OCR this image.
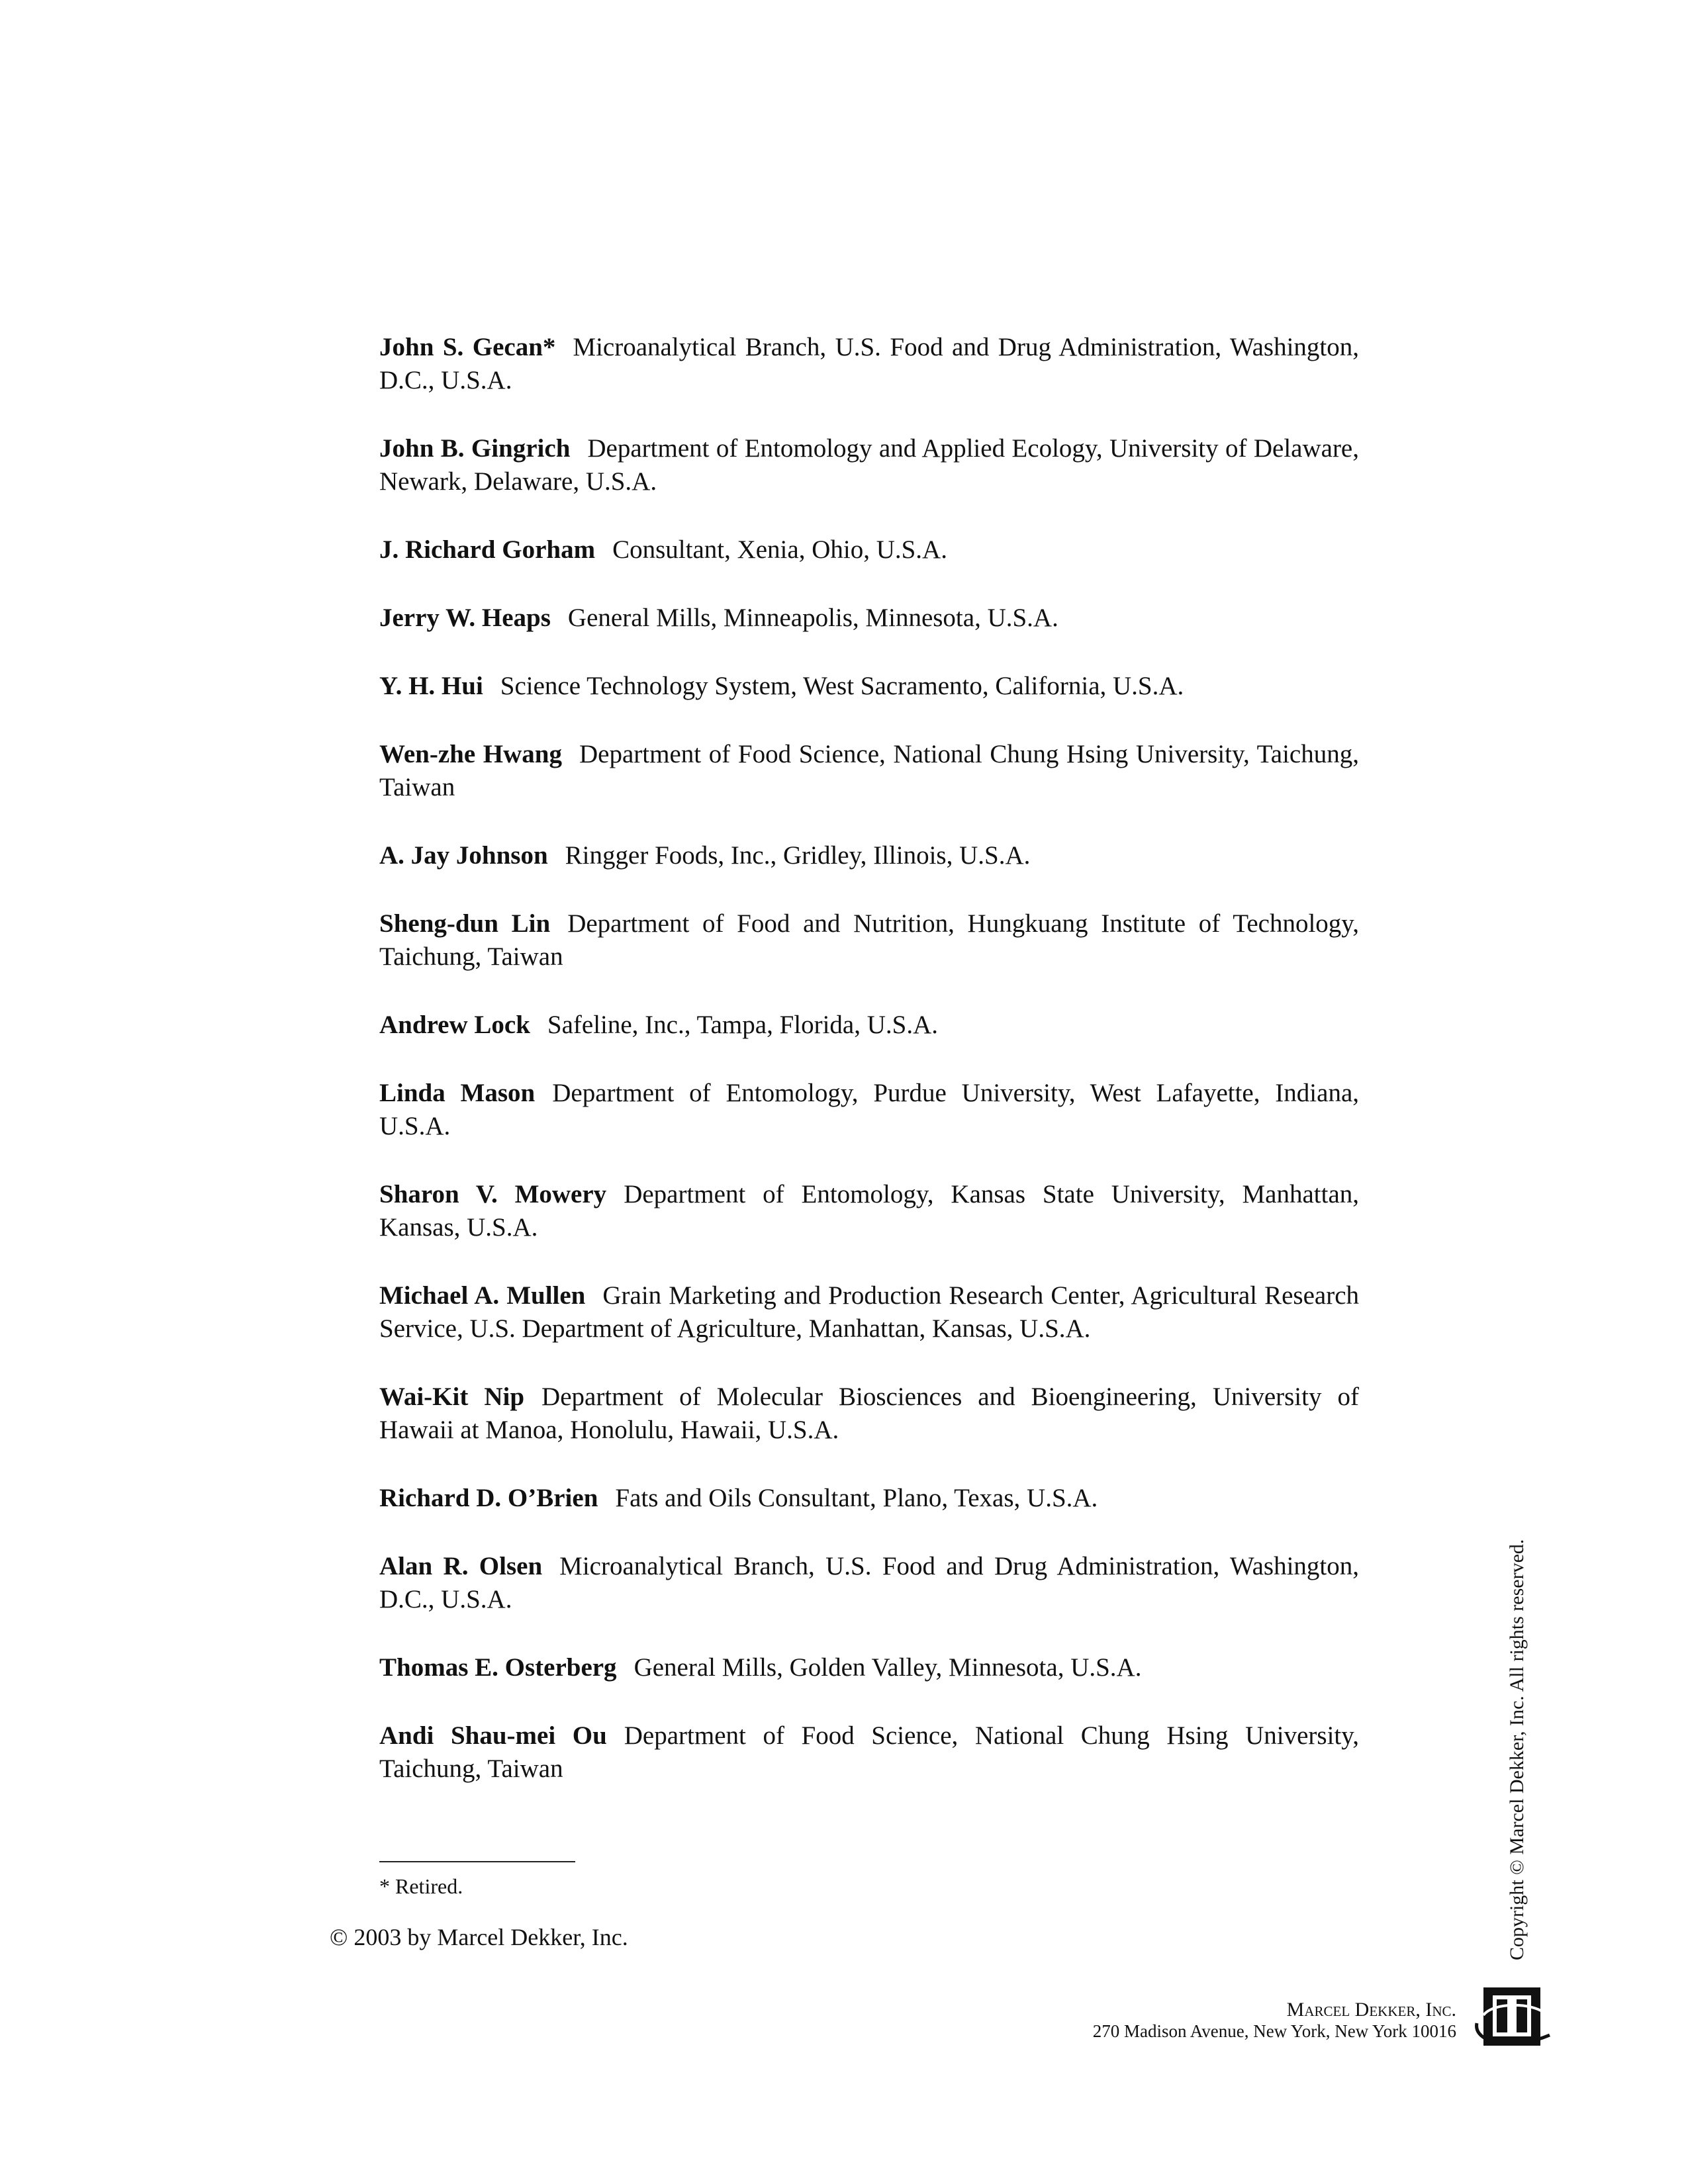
John S. Gecan* Microanalytical Branch, U.S. Food and Drug Administration, Washington, D.C., U.S.A.

John B. Gingrich Department of Entomology and Applied Ecology, University of Delaware, Newark, Delaware, U.S.A.

J. Richard Gorham Consultant, Xenia, Ohio, U.S.A.

Jerry W. Heaps General Mills, Minneapolis, Minnesota, U.S.A.

Y. H. Hui Science Technology System, West Sacramento, California, U.S.A.

Wen-zhe Hwang Department of Food Science, National Chung Hsing University, Taichung, Taiwan

A. Jay Johnson Ringger Foods, Inc., Gridley, Illinois, U.S.A.

Sheng-dun Lin Department of Food and Nutrition, Hungkuang Institute of Technology, Taichung, Taiwan

Andrew Lock Safeline, Inc., Tampa, Florida, U.S.A.

Linda Mason Department of Entomology, Purdue University, West Lafayette, Indiana, U.S.A.

Sharon V. Mowery Department of Entomology, Kansas State University, Manhattan, Kansas, U.S.A.

Michael A. Mullen Grain Marketing and Production Research Center, Agricultural Research Service, U.S. Department of Agriculture, Manhattan, Kansas, U.S.A.

Wai-Kit Nip Department of Molecular Biosciences and Bioengineering, University of Hawaii at Manoa, Honolulu, Hawaii, U.S.A.

Richard D. O’Brien Fats and Oils Consultant, Plano, Texas, U.S.A.

Alan R. Olsen Microanalytical Branch, U.S. Food and Drug Administration, Washington, D.C., U.S.A.

Thomas E. Osterberg General Mills, Golden Valley, Minnesota, U.S.A.

Andi Shau-mei Ou Department of Food Science, National Chung Hsing University, Taichung, Taiwan

* Retired.
© 2003 by Marcel Dekker, Inc.	Copyright © Marcel Dekker, Inc. All rights reserved.
Marcel Dekker, Inc.
270 Madison Avenue, New York, New York 10016
